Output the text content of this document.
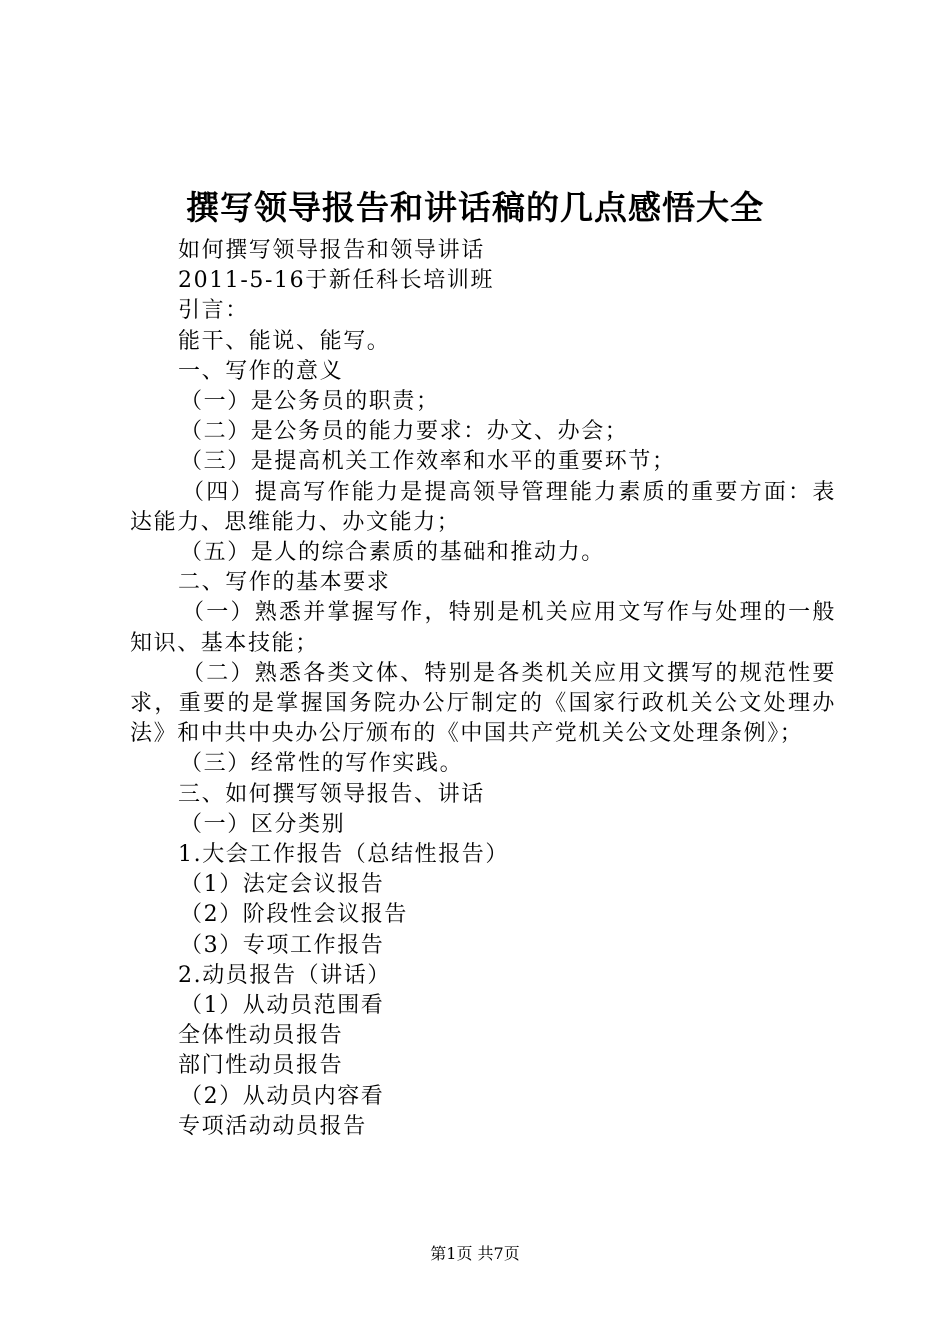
撰写领导报告和讲话稿的几点感悟大全
如何撰写领导报告和领导讲话
2011-5-16于新任科长培训班
引言：
能干、能说、能写。
一、写作的意义
（一）是公务员的职责；
（二）是公务员的能力要求：办文、办会；
（三）是提高机关工作效率和水平的重要环节；
（四）提高写作能力是提高领导管理能力素质的重要方面：表达能力、思维能力、办文能力；
（五）是人的综合素质的基础和推动力。
二、写作的基本要求
（一）熟悉并掌握写作，特别是机关应用文写作与处理的一般知识、基本技能；
（二）熟悉各类文体、特别是各类机关应用文撰写的规范性要求，重要的是掌握国务院办公厅制定的《国家行政机关公文处理办法》和中共中央办公厅颁布的《中国共产党机关公文处理条例》；
（三）经常性的写作实践。
三、如何撰写领导报告、讲话
（一）区分类别
1.大会工作报告（总结性报告）
（1）法定会议报告
（2）阶段性会议报告
（3）专项工作报告
2.动员报告（讲话）
（1）从动员范围看
全体性动员报告
部门性动员报告
（2）从动员内容看
专项活动动员报告
第1页 共7页
